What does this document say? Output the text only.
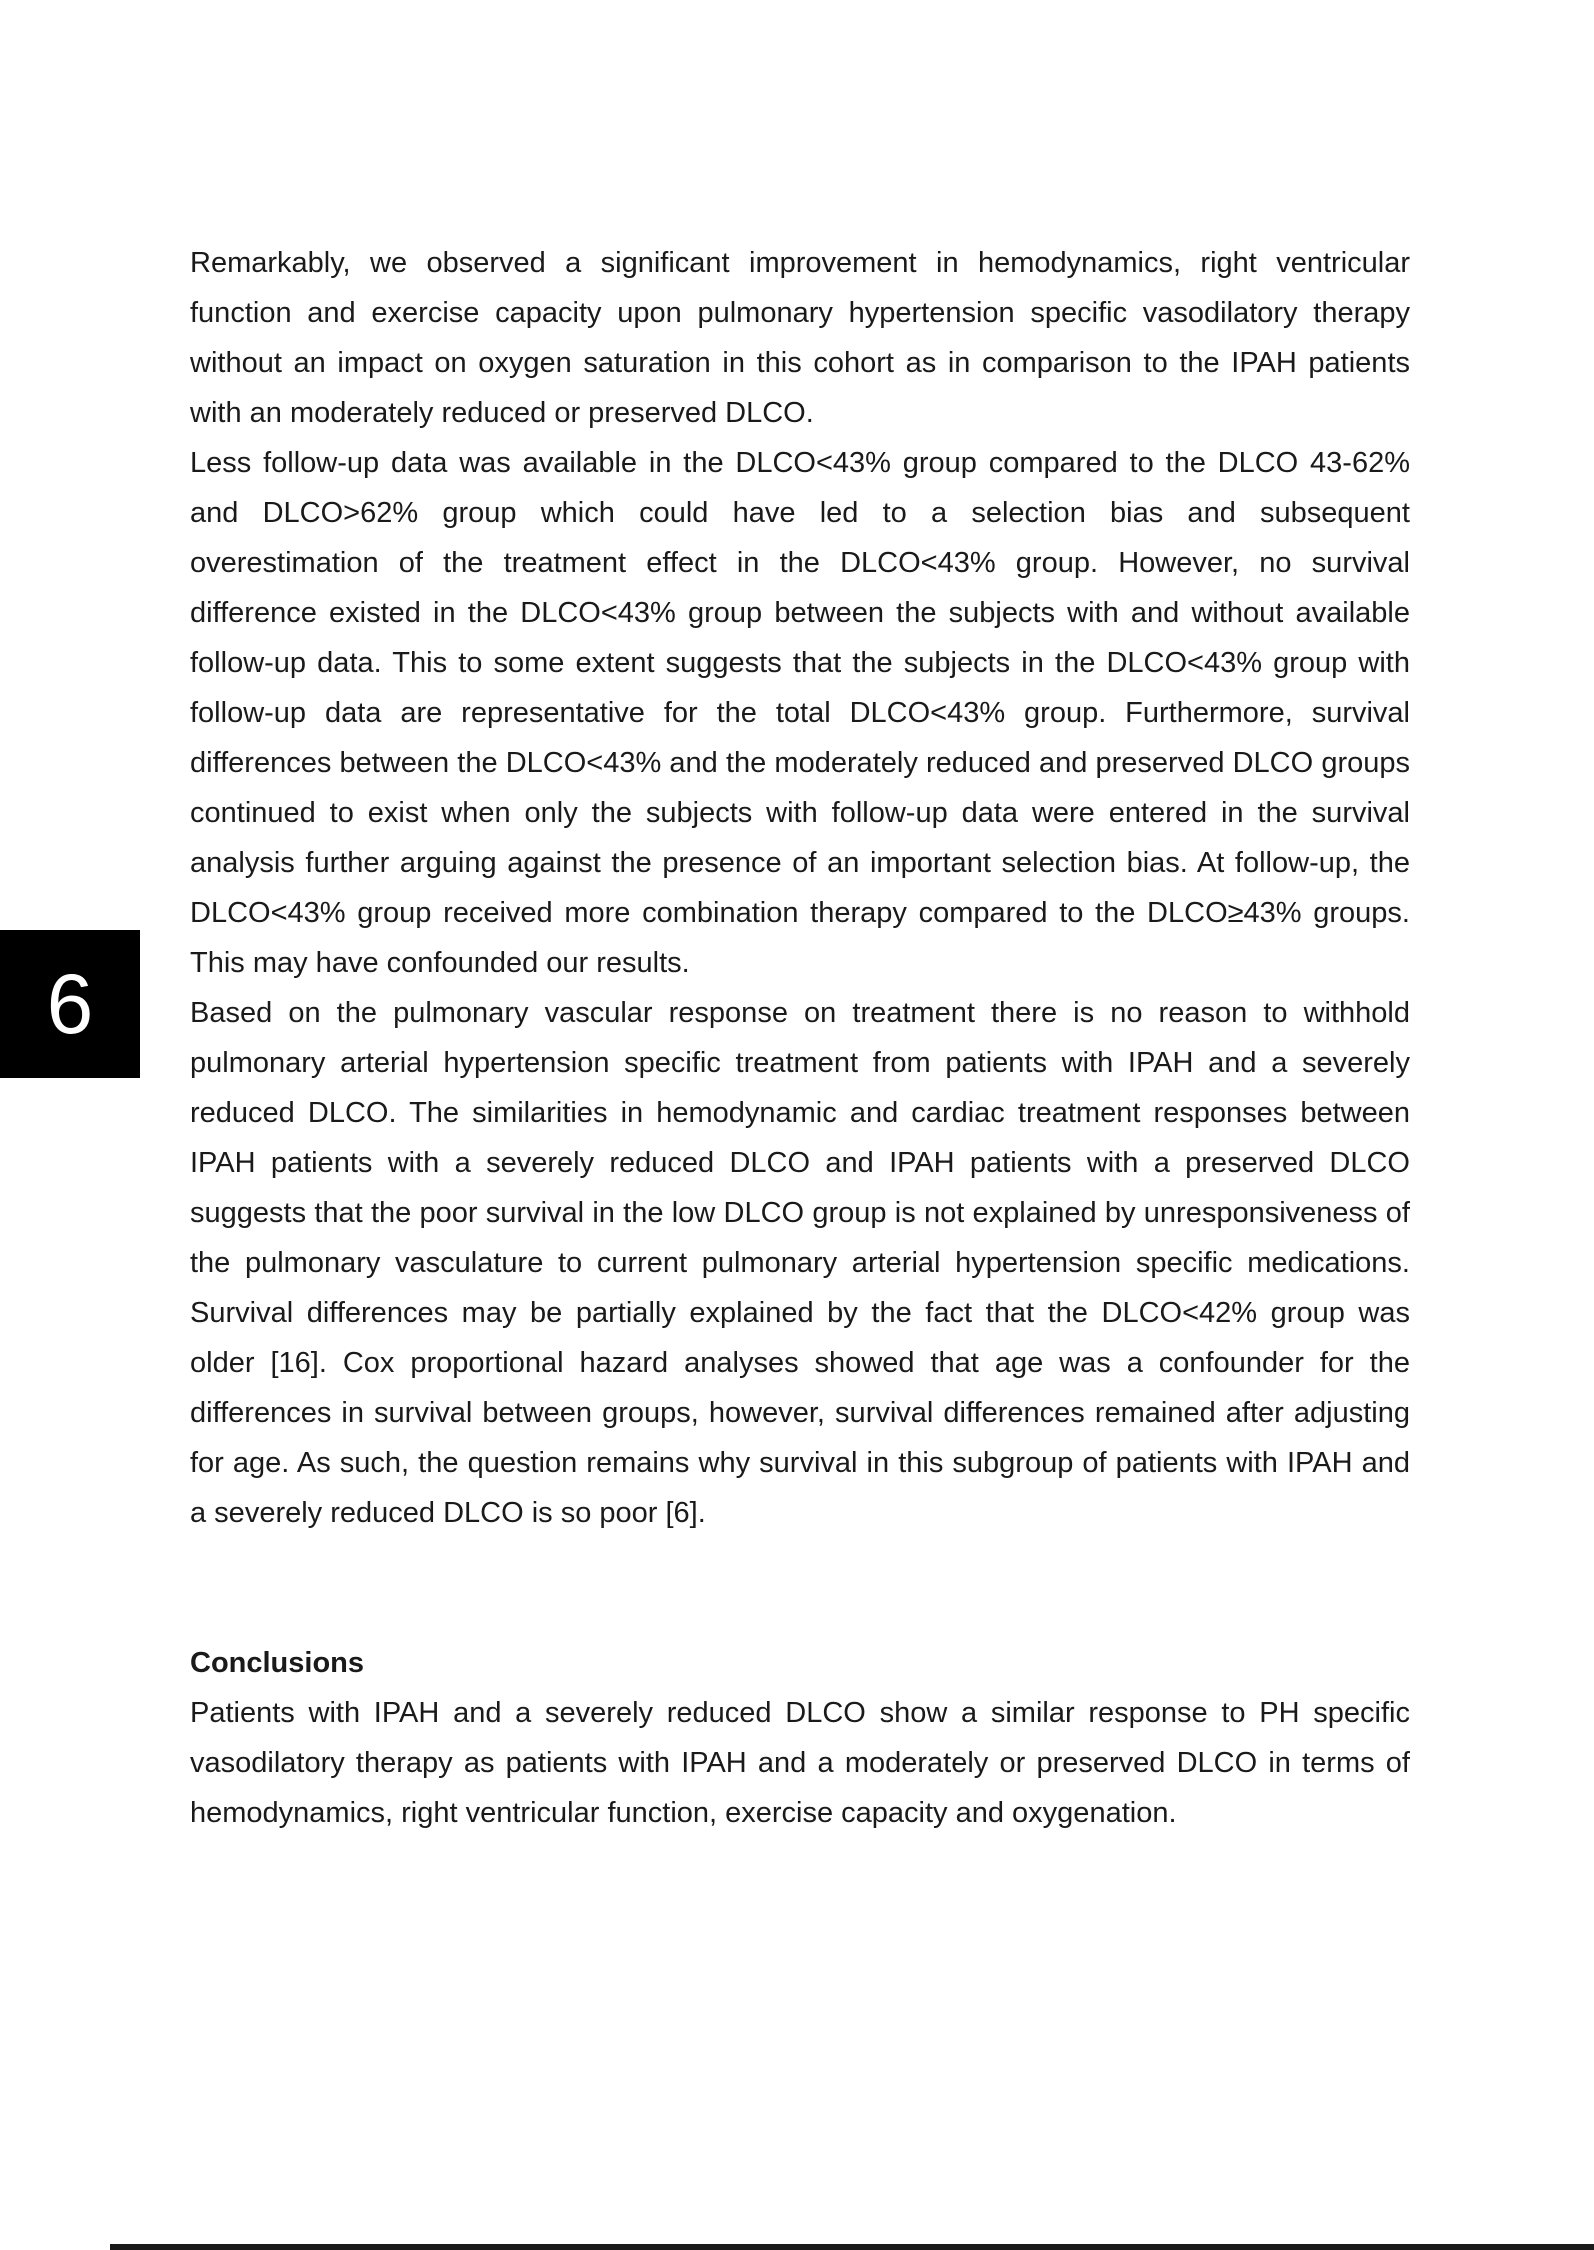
6

Remarkably, we observed a significant improvement in hemodynamics, right ventricular function and exercise capacity upon pulmonary hypertension specific vasodilatory therapy without an impact on oxygen saturation in this cohort as in comparison to the IPAH patients with an moderately reduced or preserved DLCO.

Less follow-up data was available in the DLCO<43% group compared to the DLCO 43-62% and DLCO>62% group which could have led to a selection bias and subsequent overestimation of the treatment effect in the DLCO<43% group. However, no survival difference existed in the DLCO<43% group between the subjects with and without available follow-up data. This to some extent suggests that the subjects in the DLCO<43% group with follow-up data are representative for the total DLCO<43% group. Furthermore, survival differences between the DLCO<43% and the moderately reduced and preserved DLCO groups continued to exist when only the subjects with follow-up data were entered in the survival analysis further arguing against the presence of an important selection bias. At follow-up, the DLCO<43% group received more combination therapy compared to the DLCO≥43% groups. This may have confounded our results.

Based on the pulmonary vascular response on treatment there is no reason to withhold pulmonary arterial hypertension specific treatment from patients with IPAH and a severely reduced DLCO. The similarities in hemodynamic and cardiac treatment responses between IPAH patients with a severely reduced DLCO and IPAH patients with a preserved DLCO suggests that the poor survival in the low DLCO group is not explained by unresponsiveness of the pulmonary vasculature to current pulmonary arterial hypertension specific medications. Survival differences may be partially explained by the fact that the DLCO<42% group was older [16]. Cox proportional hazard analyses showed that age was a confounder for the differences in survival between groups, however, survival differences remained after adjusting for age. As such, the question remains why survival in this subgroup of patients with IPAH and a severely reduced DLCO is so poor [6].

Conclusions

Patients with IPAH and a severely reduced DLCO show a similar response to PH specific vasodilatory therapy as patients with IPAH and a moderately or preserved DLCO in terms of hemodynamics, right ventricular function, exercise capacity and oxygenation.
